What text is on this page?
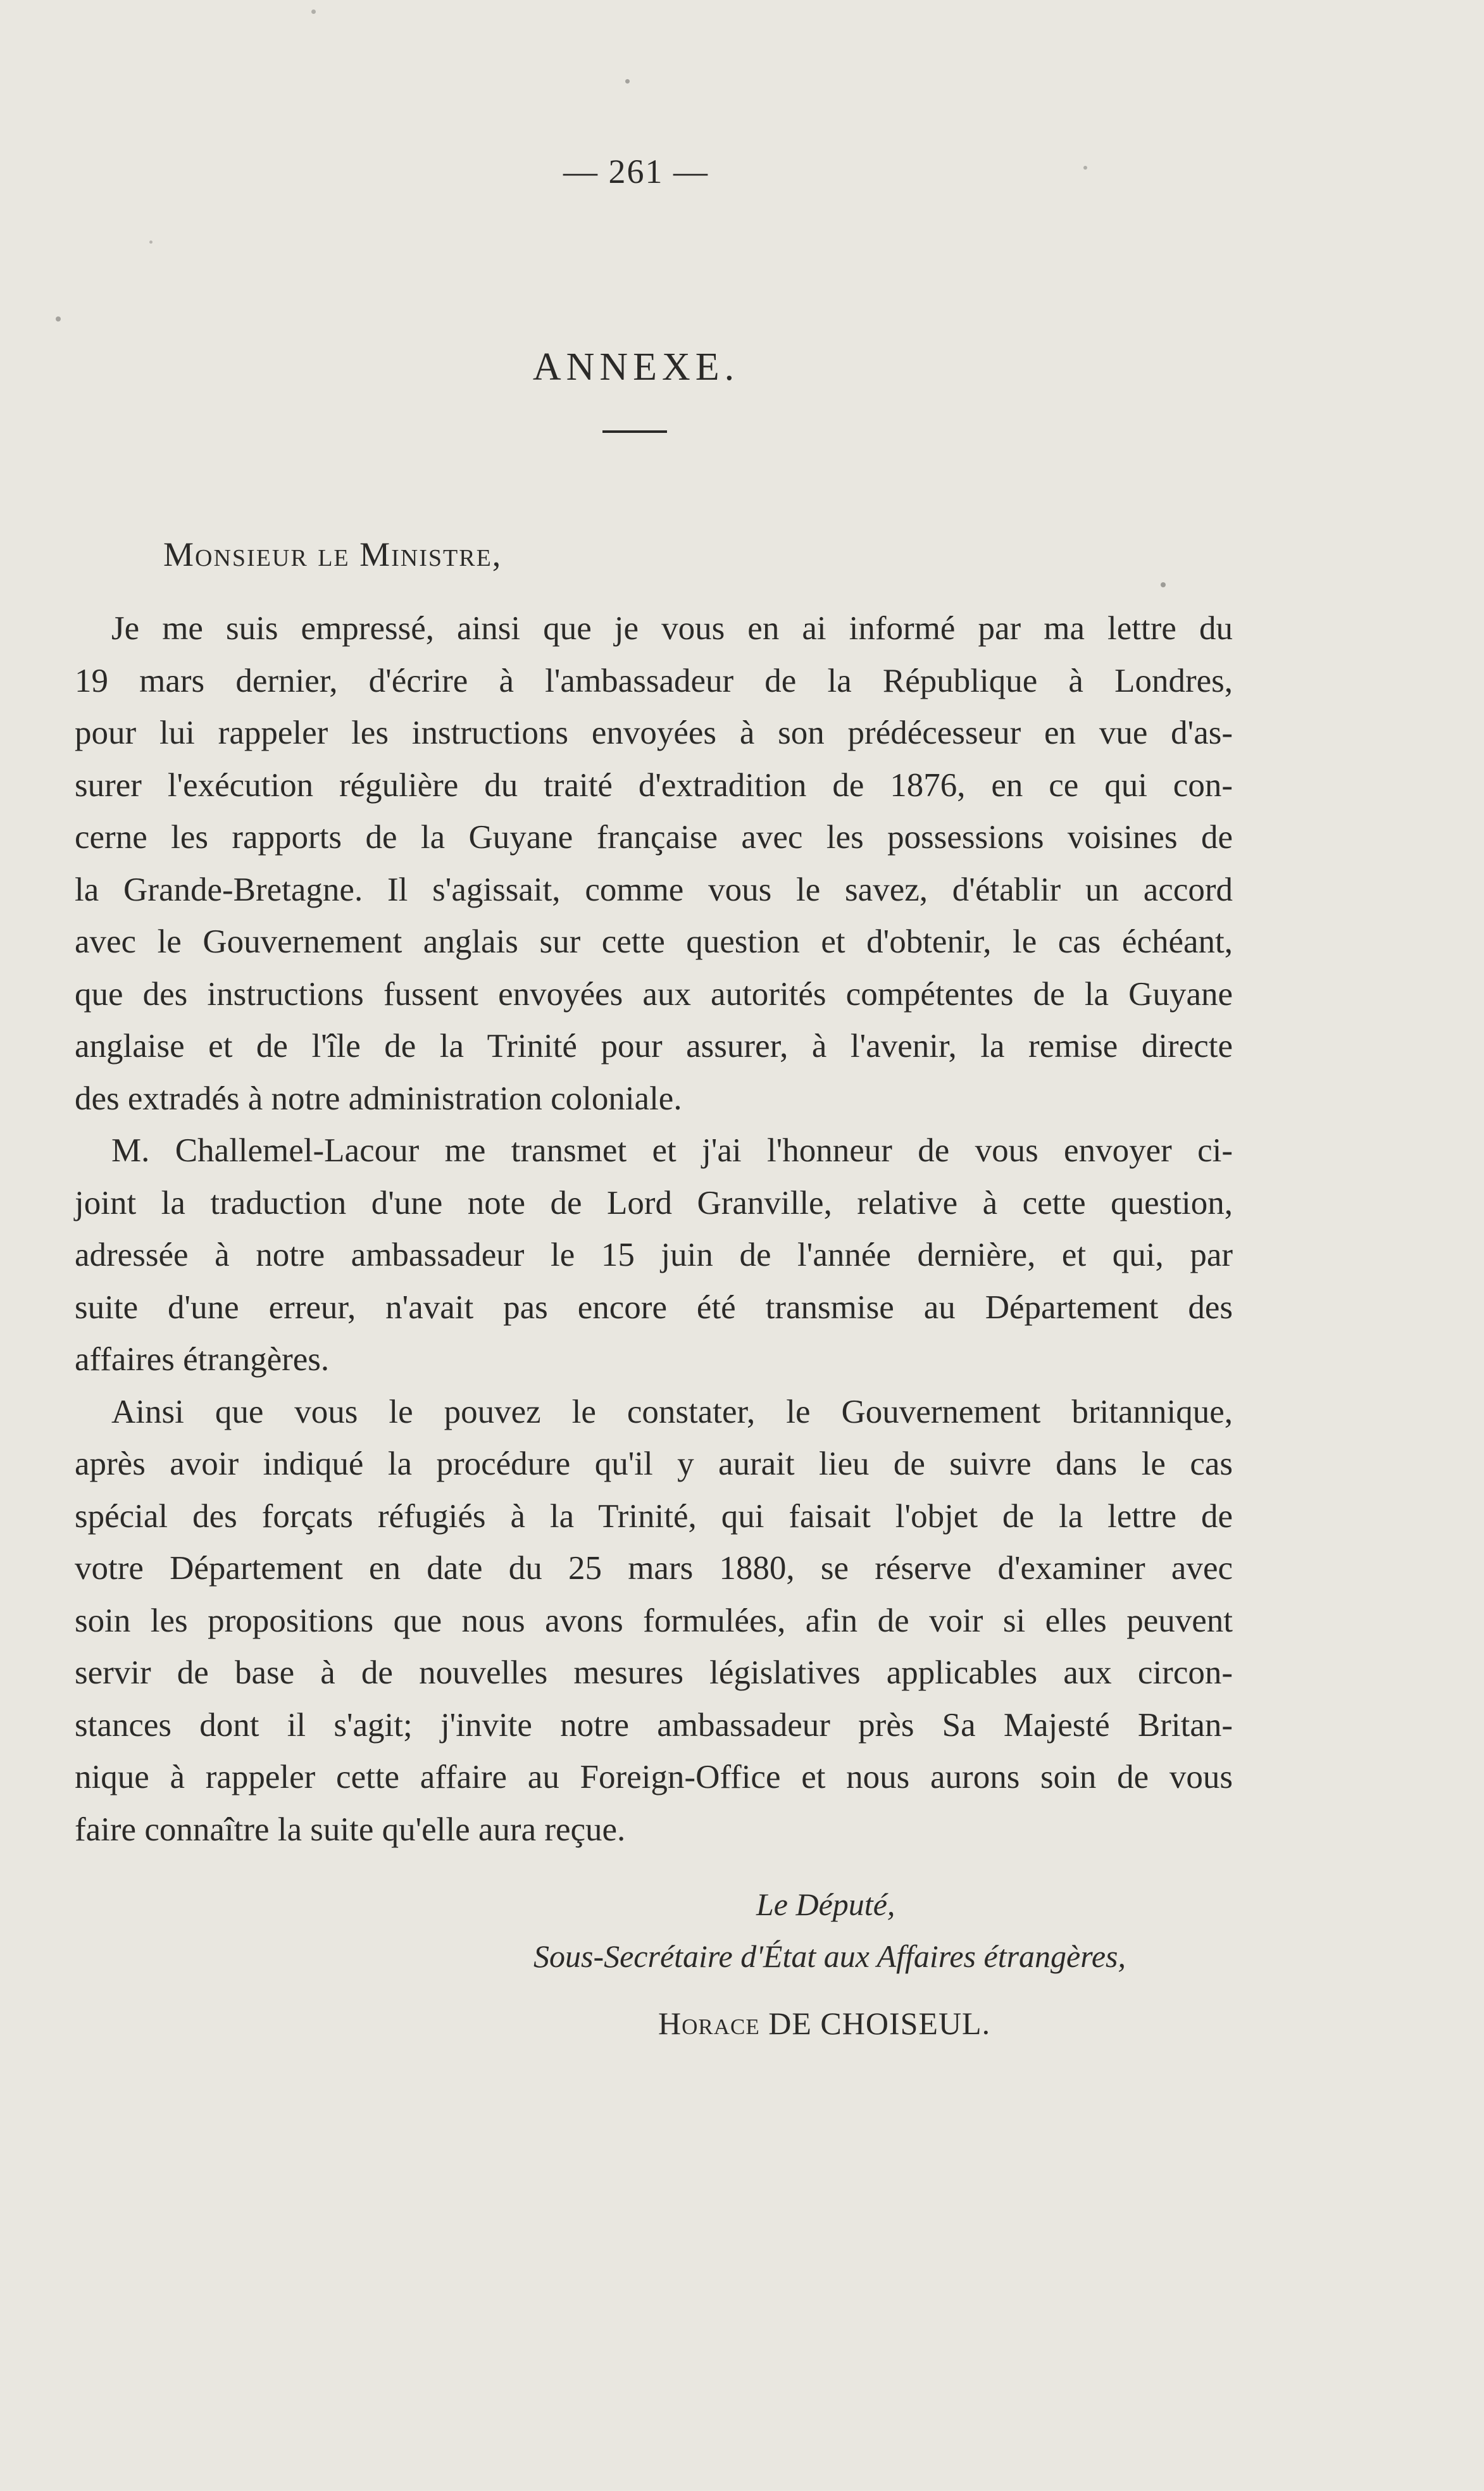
— 261 —
ANNEXE.
Monsieur le Ministre,

Je me suis empressé, ainsi que je vous en ai informé par ma lettre du
19 mars dernier, d'écrire à l'ambassadeur de la République à Londres,
pour lui rappeler les instructions envoyées à son prédécesseur en vue d'as-
surer l'exécution régulière du traité d'extradition de 1876, en ce qui con-
cerne les rapports de la Guyane française avec les possessions voisines de
la Grande-Bretagne. Il s'agissait, comme vous le savez, d'établir un accord
avec le Gouvernement anglais sur cette question et d'obtenir, le cas échéant,
que des instructions fussent envoyées aux autorités compétentes de la Guyane
anglaise et de l'île de la Trinité pour assurer, à l'avenir, la remise directe
des extradés à notre administration coloniale.

M. Challemel-Lacour me transmet et j'ai l'honneur de vous envoyer ci-
joint la traduction d'une note de Lord Granville, relative à cette question,
adressée à notre ambassadeur le 15 juin de l'année dernière, et qui, par
suite d'une erreur, n'avait pas encore été transmise au Département des
affaires étrangères.

Ainsi que vous le pouvez le constater, le Gouvernement britannique,
après avoir indiqué la procédure qu'il y aurait lieu de suivre dans le cas
spécial des forçats réfugiés à la Trinité, qui faisait l'objet de la lettre de
votre Département en date du 25 mars 1880, se réserve d'examiner avec
soin les propositions que nous avons formulées, afin de voir si elles peuvent
servir de base à de nouvelles mesures législatives applicables aux circon-
stances dont il s'agit; j'invite notre ambassadeur près Sa Majesté Britan-
nique à rappeler cette affaire au Foreign-Office et nous aurons soin de vous
faire connaître la suite qu'elle aura reçue.

Le Député,
Sous-Secrétaire d'État aux Affaires étrangères,
Horace DE CHOISEUL.
